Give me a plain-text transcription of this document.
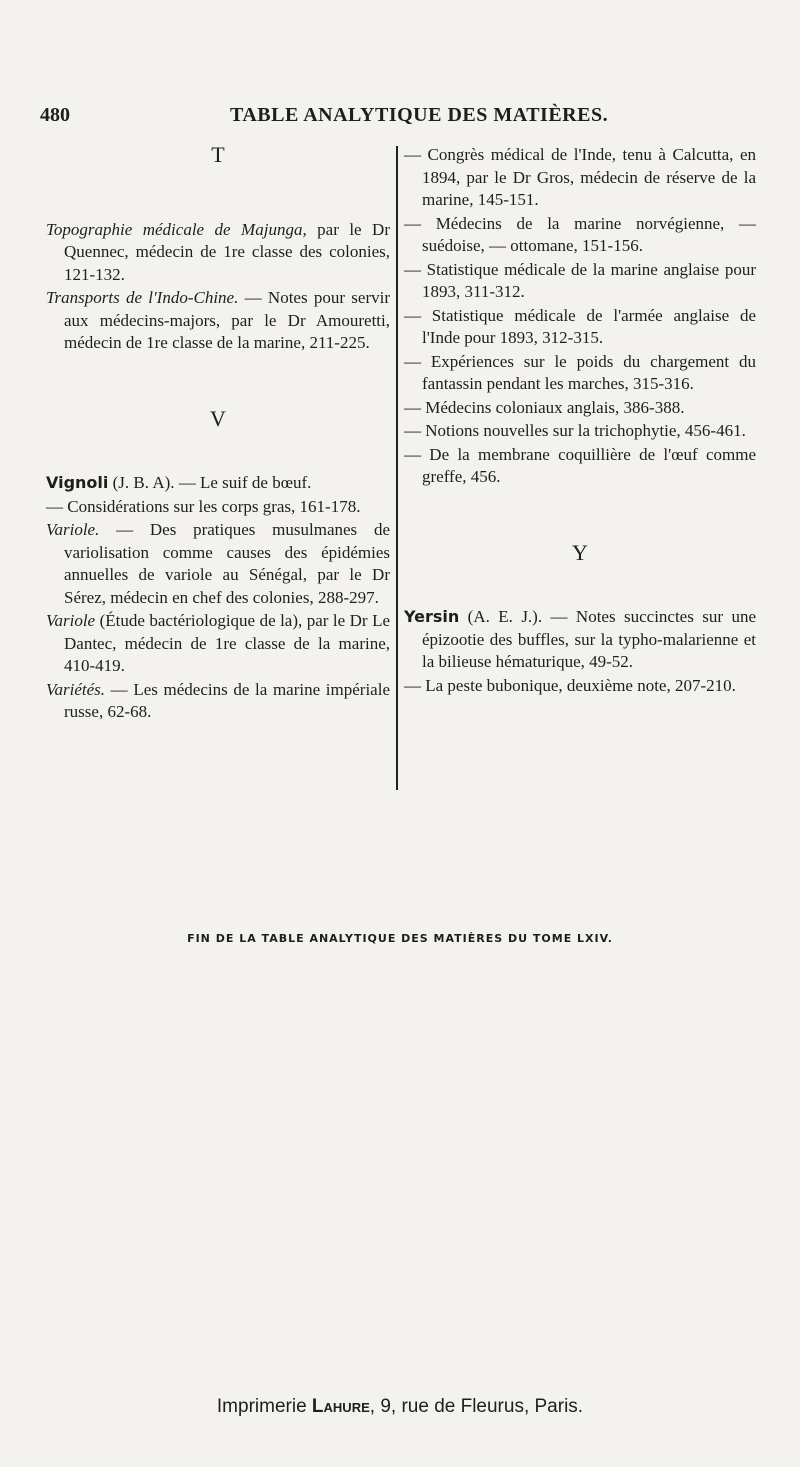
480	TABLE ANALYTIQUE DES MATIÈRES.

T

Topographie médicale de Majunga, par le Dr Quennec, médecin de 1re classe des colonies, 121-132.

Transports de l'Indo-Chine. — Notes pour servir aux médecins-majors, par le Dr Amouretti, médecin de 1re classe de la marine, 211-225.

V

Vignoli (J. B. A). — Le suif de bœuf.

— Considérations sur les corps gras, 161-178.

Variole. — Des pratiques musulmanes de variolisation comme causes des épidémies annuelles de variole au Sénégal, par le Dr Sérez, médecin en chef des colonies, 288-297.

Variole (Étude bactériologique de la), par le Dr Le Dantec, médecin de 1re classe de la marine, 410-419.

Variétés. — Les médecins de la marine impériale russe, 62-68.

— Congrès médical de l'Inde, tenu à Calcutta, en 1894, par le Dr Gros, médecin de réserve de la marine, 145-151.

— Médecins de la marine norvégienne, — suédoise, — ottomane, 151-156.

— Statistique médicale de la marine anglaise pour 1893, 311-312.

— Statistique médicale de l'armée anglaise de l'Inde pour 1893, 312-315.

— Expériences sur le poids du chargement du fantassin pendant les marches, 315-316.

— Médecins coloniaux anglais, 386-388.

— Notions nouvelles sur la trichophytie, 456-461.

— De la membrane coquillière de l'œuf comme greffe, 456.

Y

Yersin (A. E. J.). — Notes succinctes sur une épizootie des buffles, sur la typho-malarienne et la bilieuse hématurique, 49-52.

— La peste bubonique, deuxième note, 207-210.

FIN DE LA TABLE ANALYTIQUE DES MATIÈRES DU TOME LXIV.
Imprimerie Lahure, 9, rue de Fleurus, Paris.
